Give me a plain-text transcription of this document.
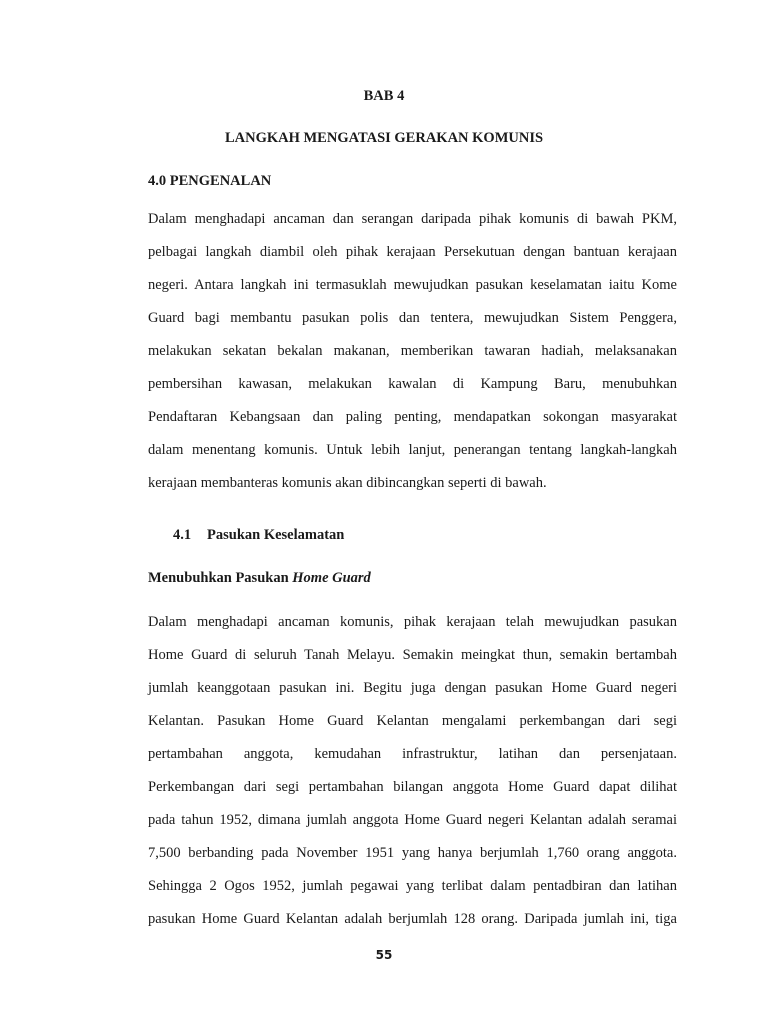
BAB 4
LANGKAH MENGATASI GERAKAN KOMUNIS
4.0 PENGENALAN
Dalam menghadapi ancaman dan serangan daripada pihak komunis di bawah PKM,
pelbagai langkah diambil oleh pihak kerajaan Persekutuan dengan bantuan kerajaan
negeri. Antara langkah ini termasuklah mewujudkan pasukan keselamatan iaitu Kome
Guard bagi membantu pasukan polis dan tentera, mewujudkan Sistem Penggera,
melakukan sekatan bekalan makanan, memberikan tawaran hadiah, melaksanakan
pembersihan kawasan, melakukan kawalan di Kampung Baru, menubuhkan
Pendaftaran Kebangsaan dan paling penting, mendapatkan sokongan masyarakat
dalam menentang komunis. Untuk lebih lanjut, penerangan tentang langkah-langkah
kerajaan membanteras komunis akan dibincangkan seperti di bawah.
4.1 Pasukan Keselamatan
Menubuhkan Pasukan Home Guard
Dalam menghadapi ancaman komunis, pihak kerajaan telah mewujudkan pasukan
Home Guard di seluruh Tanah Melayu. Semakin meingkat thun, semakin bertambah
jumlah keanggotaan pasukan ini. Begitu juga dengan pasukan Home Guard negeri
Kelantan. Pasukan Home Guard Kelantan mengalami perkembangan dari segi
pertambahan anggota, kemudahan infrastruktur, latihan dan persenjataan.
Perkembangan dari segi pertambahan bilangan anggota Home Guard dapat dilihat
pada tahun 1952, dimana jumlah anggota Home Guard negeri Kelantan adalah seramai
7,500 berbanding pada November 1951 yang hanya berjumlah 1,760 orang anggota.
Sehingga 2 Ogos 1952, jumlah pegawai yang terlibat dalam pentadbiran dan latihan
pasukan Home Guard Kelantan adalah berjumlah 128 orang. Daripada jumlah ini, tiga
55
